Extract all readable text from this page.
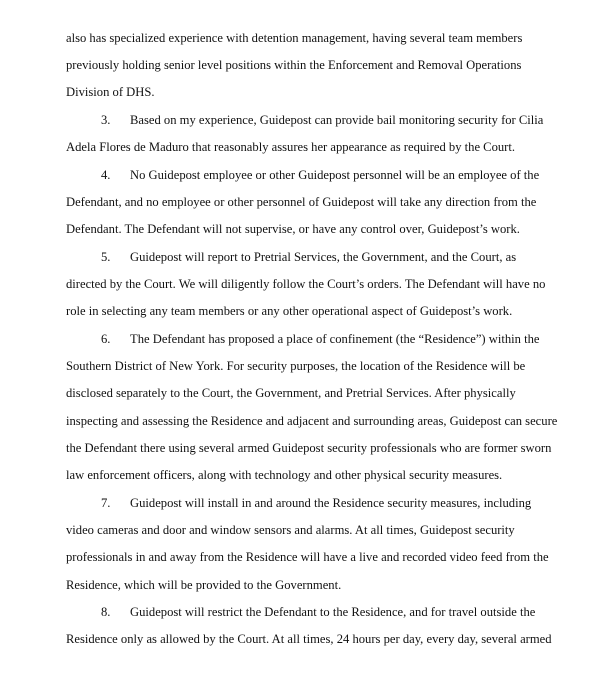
also has specialized experience with detention management, having several team members
previously holding senior level positions within the Enforcement and Removal Operations
Division of DHS.
3. Based on my experience, Guidepost can provide bail monitoring security for Cilia
Adela Flores de Maduro that reasonably assures her appearance as required by the Court.
4. No Guidepost employee or other Guidepost personnel will be an employee of the
Defendant, and no employee or other personnel of Guidepost will take any direction from the
Defendant. The Defendant will not supervise, or have any control over, Guidepost’s work.
5. Guidepost will report to Pretrial Services, the Government, and the Court, as
directed by the Court. We will diligently follow the Court’s orders. The Defendant will have no
role in selecting any team members or any other operational aspect of Guidepost’s work.
6. The Defendant has proposed a place of confinement (the “Residence”) within the
Southern District of New York. For security purposes, the location of the Residence will be
disclosed separately to the Court, the Government, and Pretrial Services. After physically
inspecting and assessing the Residence and adjacent and surrounding areas, Guidepost can secure
the Defendant there using several armed Guidepost security professionals who are former sworn
law enforcement officers, along with technology and other physical security measures.
7. Guidepost will install in and around the Residence security measures, including
video cameras and door and window sensors and alarms. At all times, Guidepost security
professionals in and away from the Residence will have a live and recorded video feed from the
Residence, which will be provided to the Government.
8. Guidepost will restrict the Defendant to the Residence, and for travel outside the
Residence only as allowed by the Court. At all times, 24 hours per day, every day, several armed
